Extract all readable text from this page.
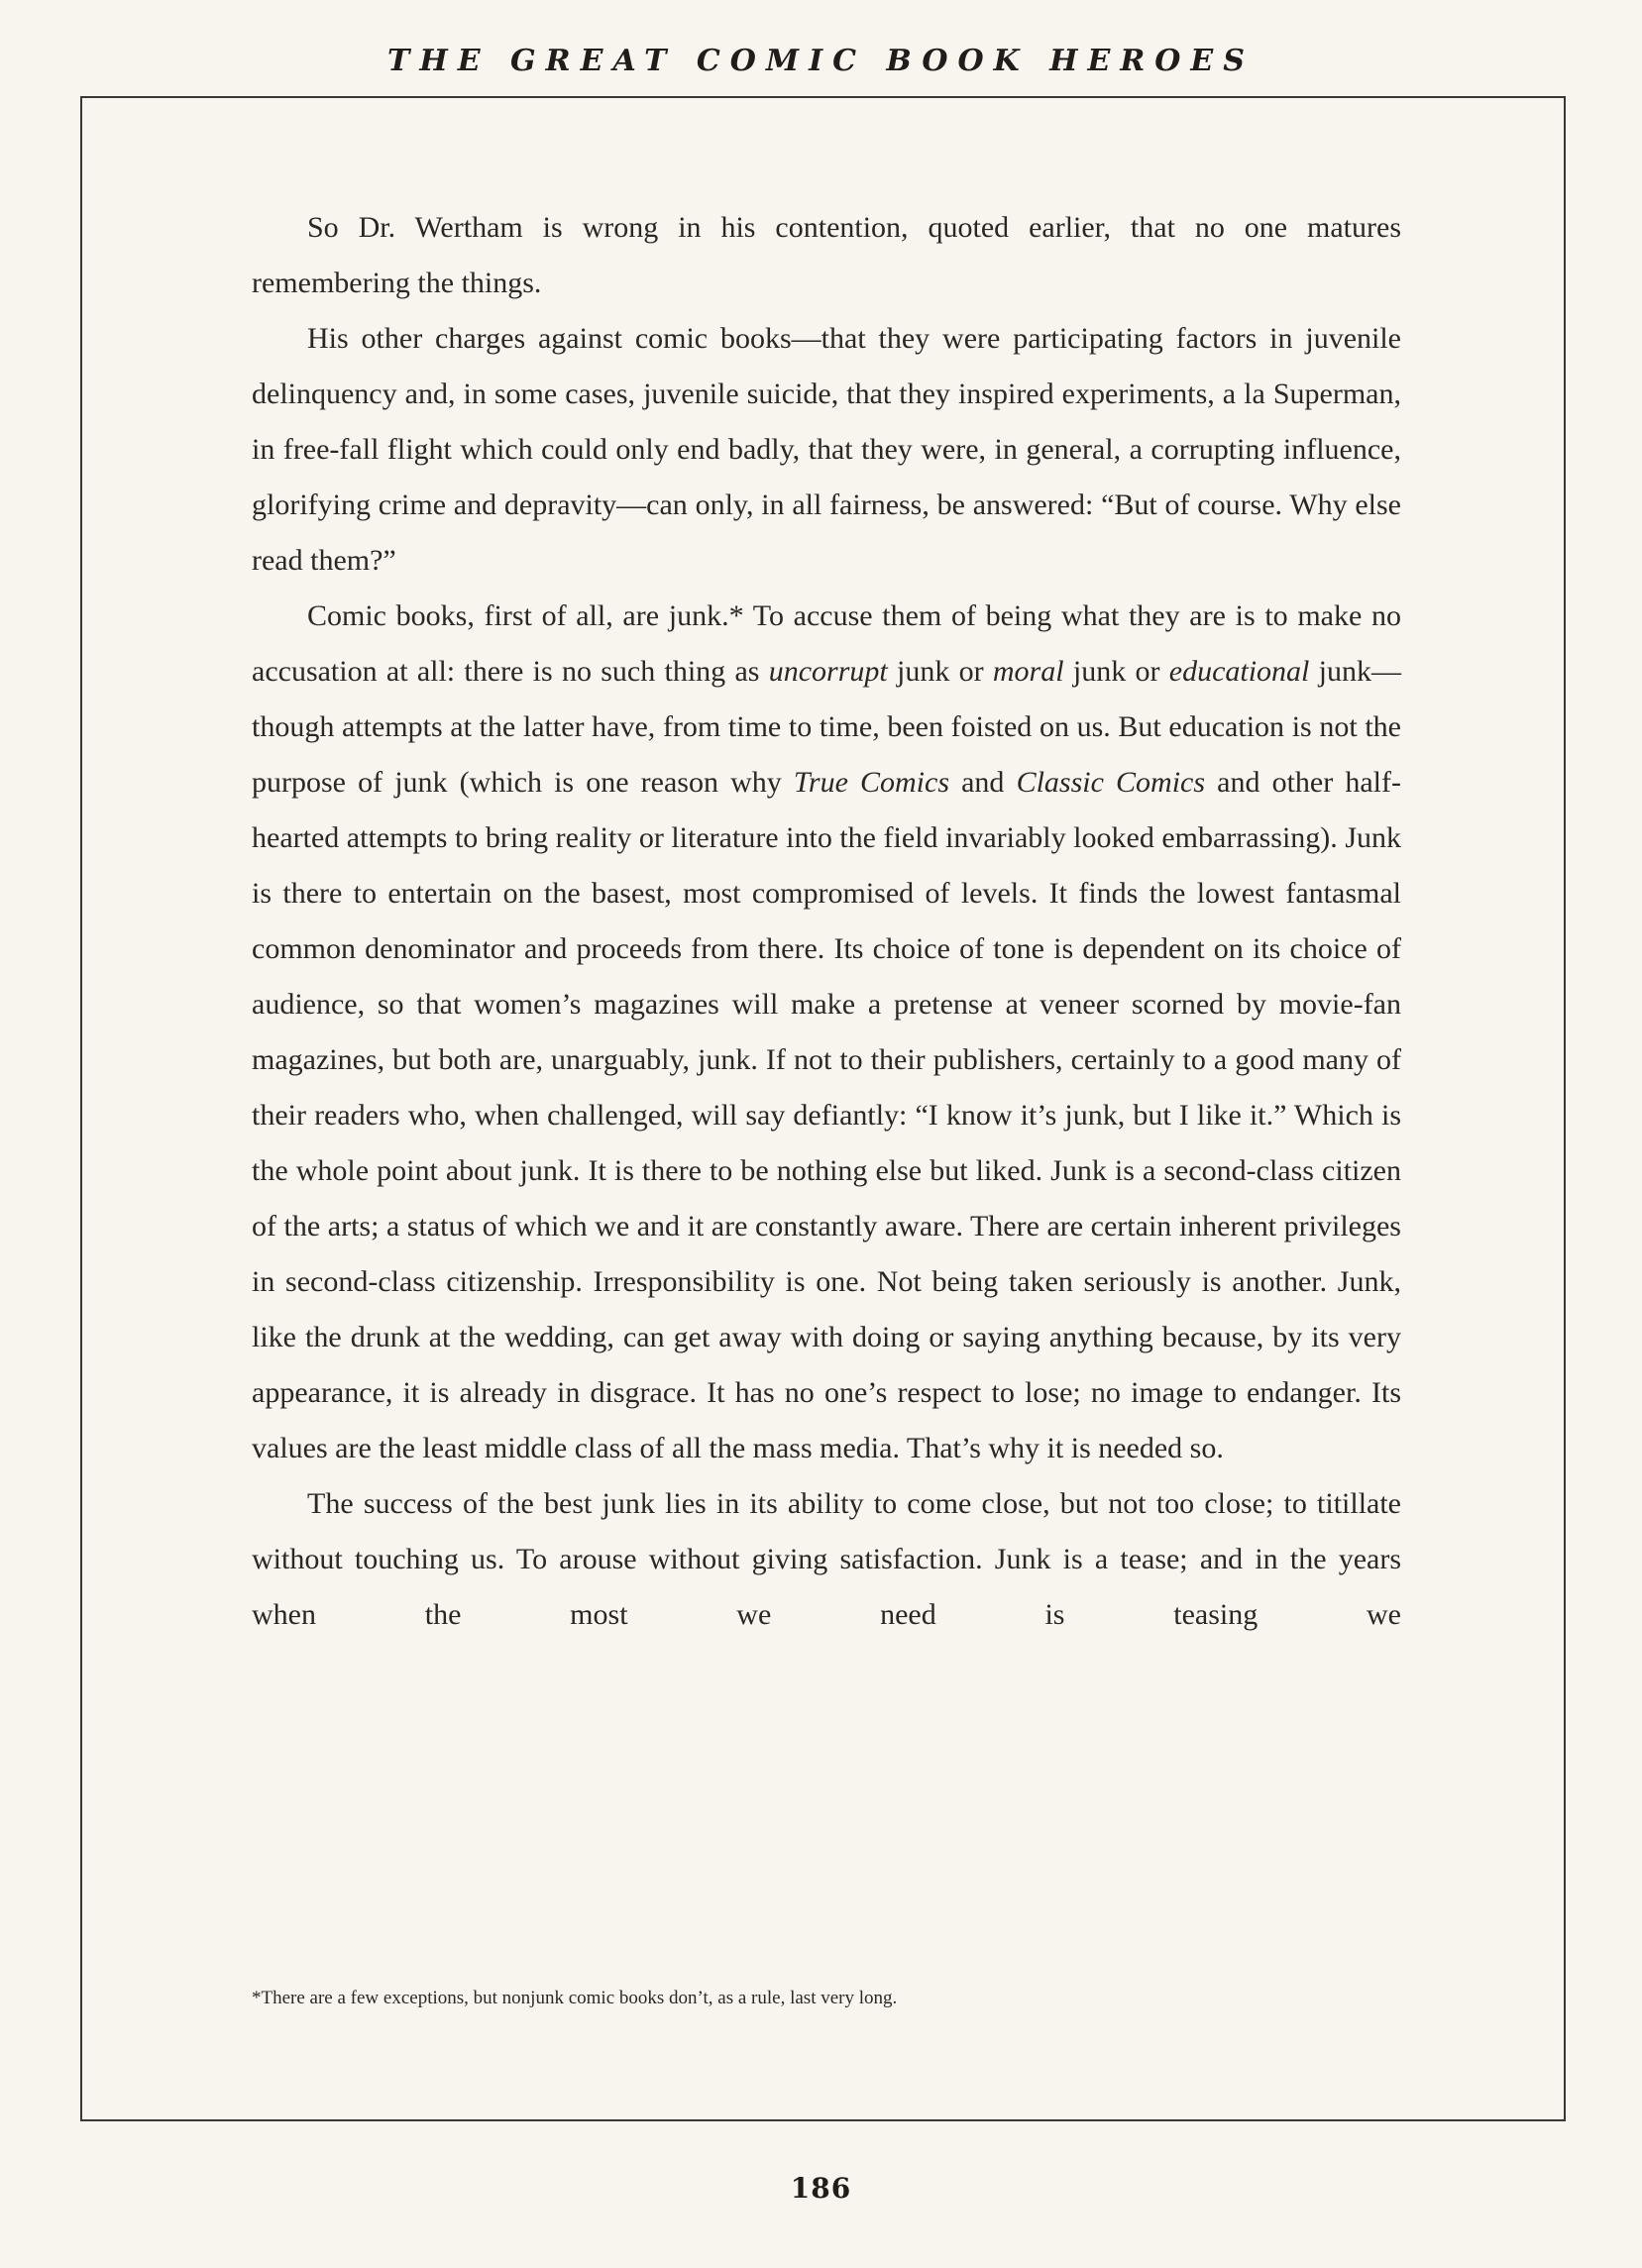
THE GREAT COMIC BOOK HEROES

So Dr. Wertham is wrong in his contention, quoted earlier, that no one matures remembering the things.

His other charges against comic books—that they were participating factors in juvenile delinquency and, in some cases, juvenile suicide, that they inspired experiments, a la Superman, in free-fall flight which could only end badly, that they were, in general, a corrupting influence, glorifying crime and depravity—can only, in all fairness, be answered: “But of course. Why else read them?”

Comic books, first of all, are junk.* To accuse them of being what they are is to make no accusation at all: there is no such thing as uncorrupt junk or moral junk or educational junk—though attempts at the latter have, from time to time, been foisted on us. But education is not the purpose of junk (which is one reason why True Comics and Classic Comics and other half-hearted attempts to bring reality or literature into the field invariably looked embarrassing). Junk is there to entertain on the basest, most compromised of levels. It finds the lowest fantasmal common denominator and proceeds from there. Its choice of tone is dependent on its choice of audience, so that women’s magazines will make a pretense at veneer scorned by movie-fan magazines, but both are, unarguably, junk. If not to their publishers, certainly to a good many of their readers who, when challenged, will say defiantly: “I know it’s junk, but I like it.” Which is the whole point about junk. It is there to be nothing else but liked. Junk is a second-class citizen of the arts; a status of which we and it are constantly aware. There are certain inherent privileges in second-class citizenship. Irresponsibility is one. Not being taken seriously is another. Junk, like the drunk at the wedding, can get away with doing or saying anything because, by its very appearance, it is already in disgrace. It has no one’s respect to lose; no image to endanger. Its values are the least middle class of all the mass media. That’s why it is needed so.

The success of the best junk lies in its ability to come close, but not too close; to titillate without touching us. To arouse without giving satisfaction. Junk is a tease; and in the years when the most we need is teasing we

*There are a few exceptions, but nonjunk comic books don’t, as a rule, last very long.
186
